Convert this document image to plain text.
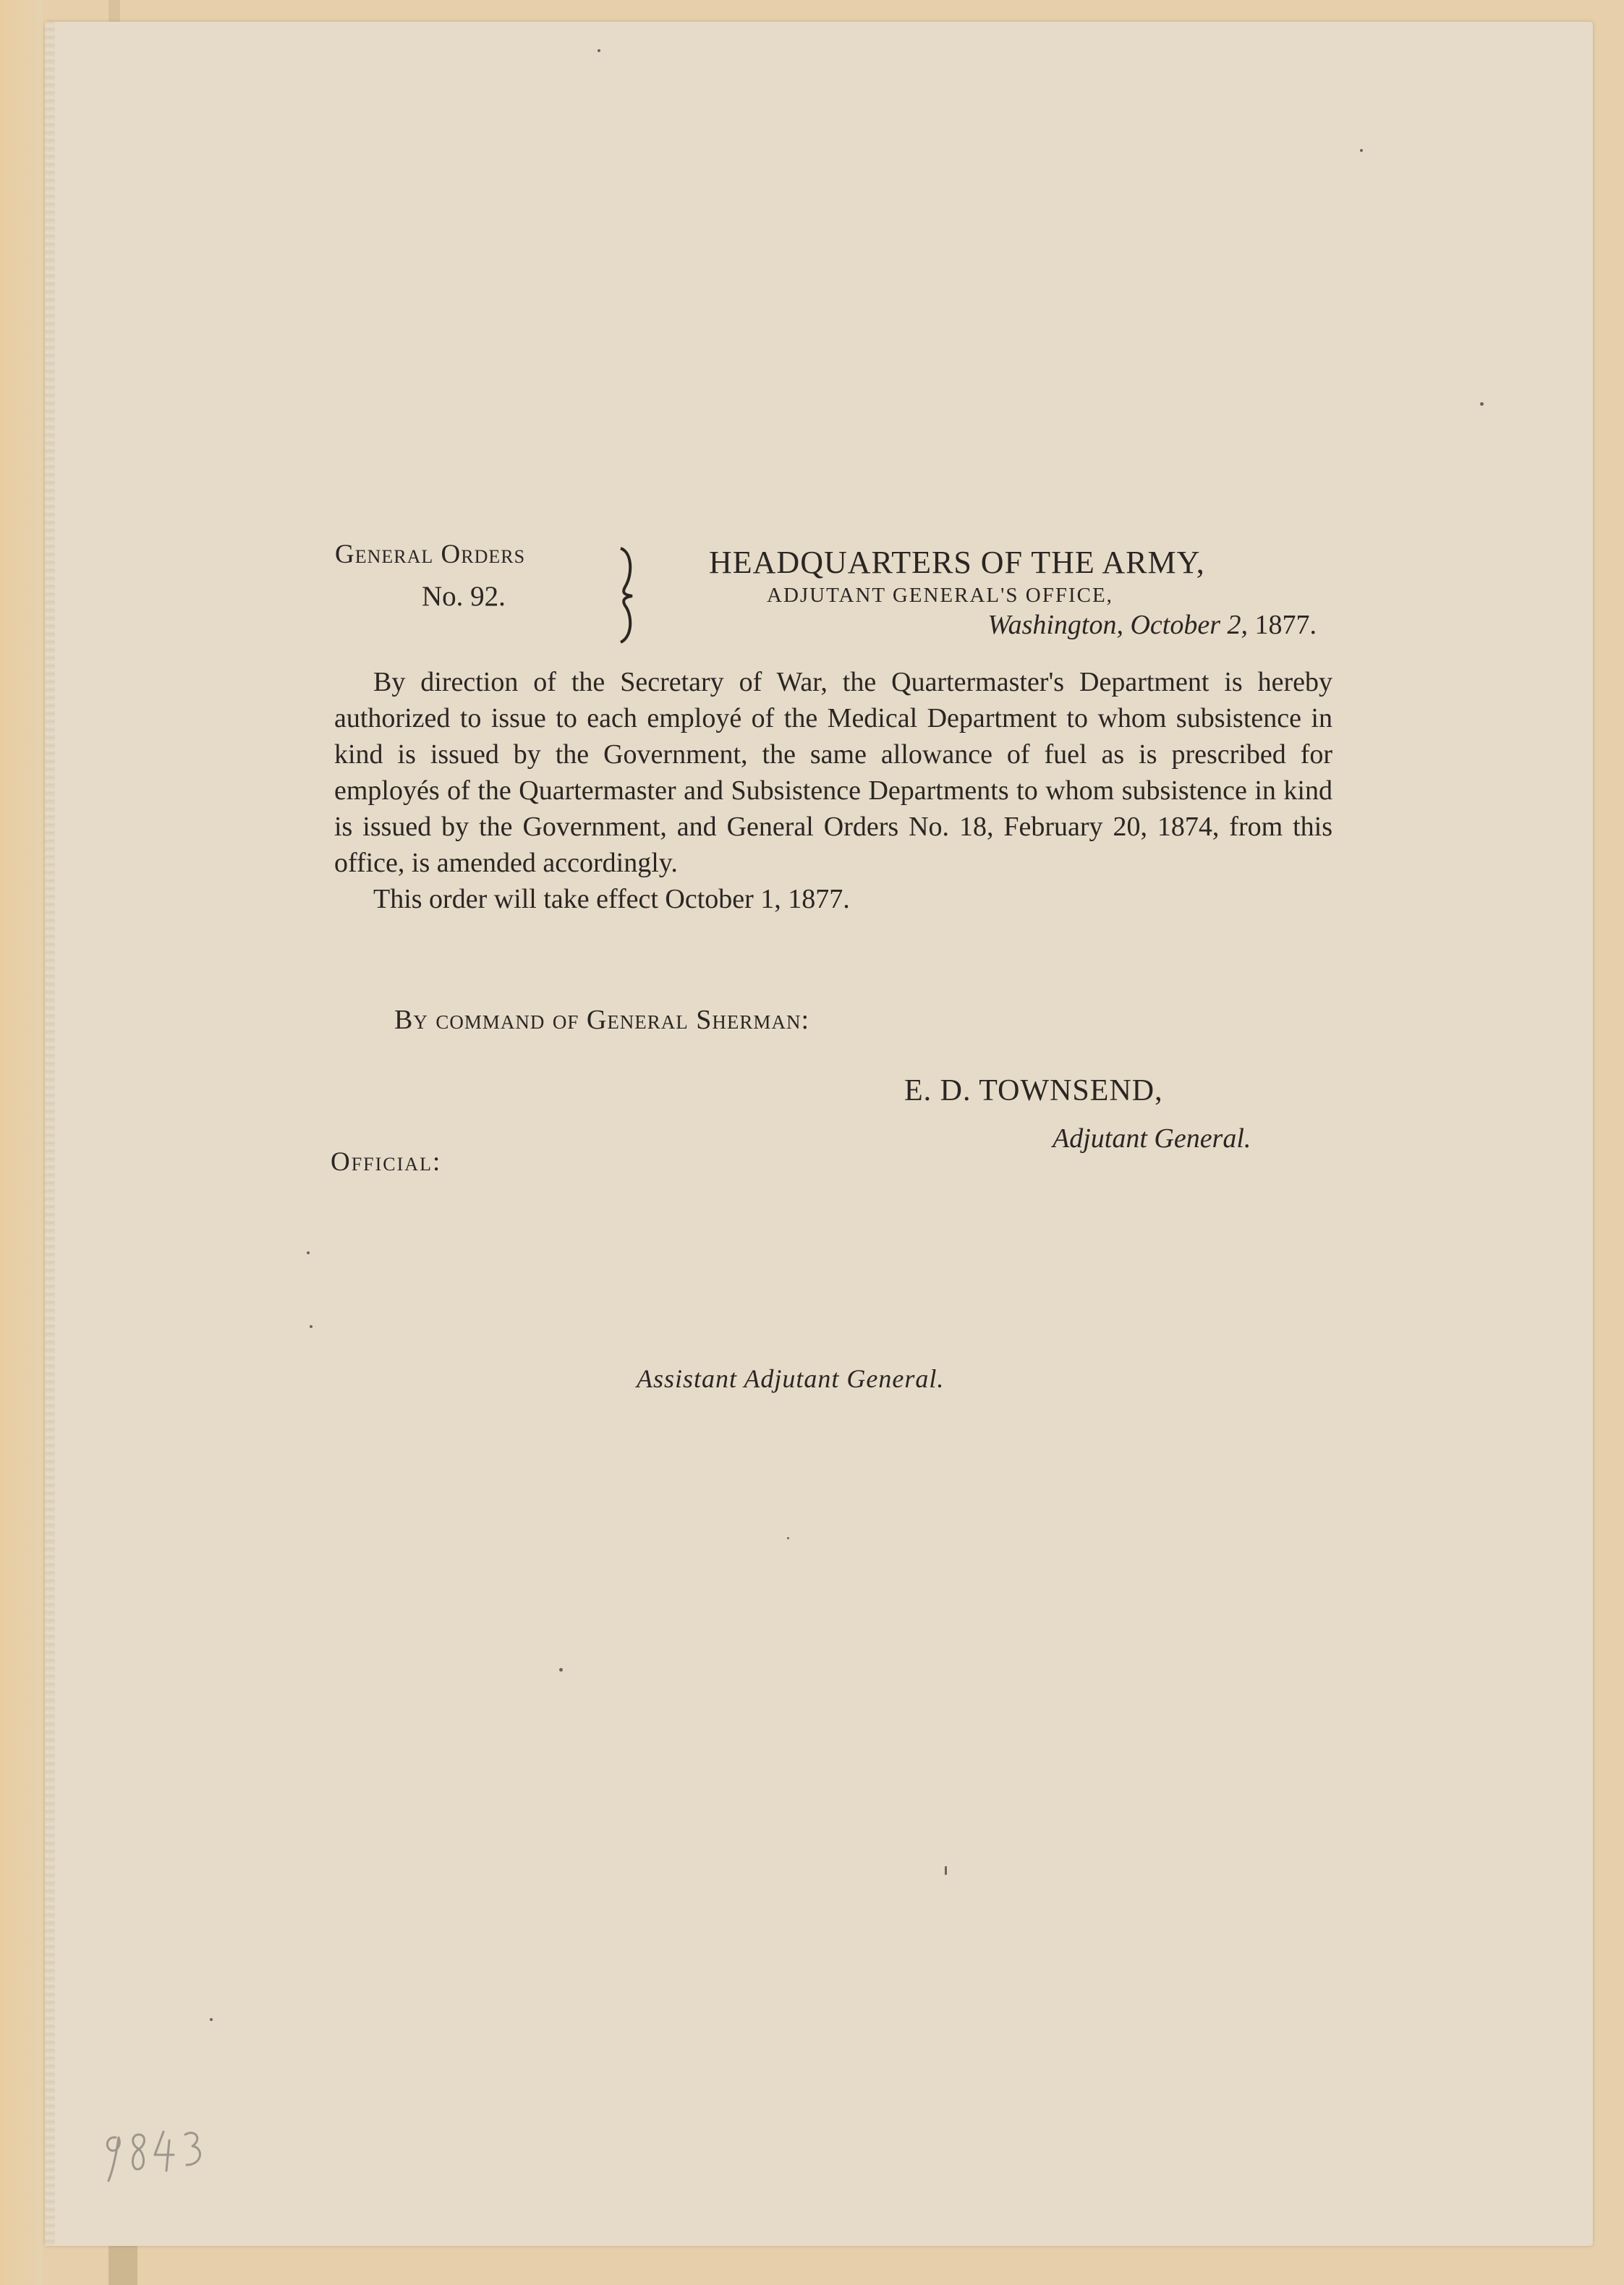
General Orders
No. 92.
HEADQUARTERS OF THE ARMY,
ADJUTANT GENERAL'S OFFICE,
Washington, October 2, 1877.

By direction of the Secretary of War, the Quartermaster's Department is hereby authorized to issue to each employé of the Medical Department to whom subsistence in kind is issued by the Government, the same allowance of fuel as is prescribed for employés of the Quartermaster and Subsistence Departments to whom subsistence in kind is issued by the Government, and General Orders No. 18, February 20, 1874, from this office, is amended accordingly.

This order will take effect October 1, 1877.

By command of General Sherman:
E. D. TOWNSEND,
Adjutant General.
Official:
Assistant Adjutant General.
